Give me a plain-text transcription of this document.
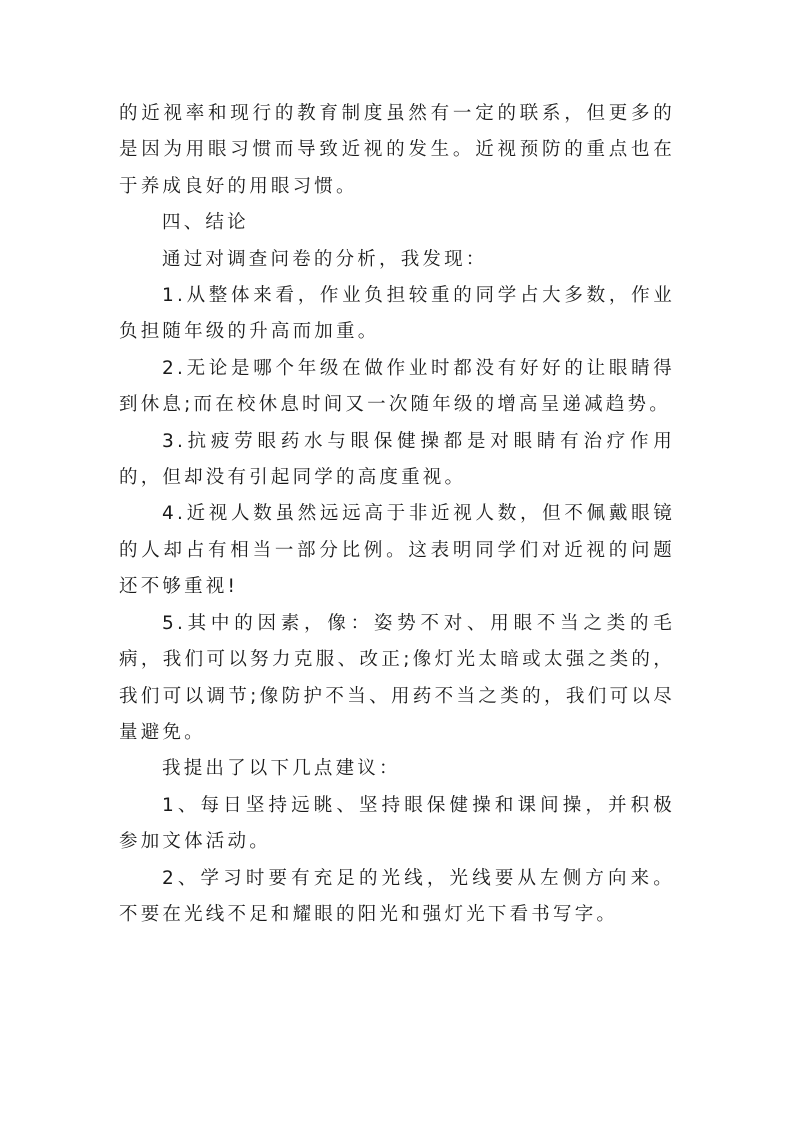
的近视率和现行的教育制度虽然有一定的联系，但更多的是因为用眼习惯而导致近视的发生。近视预防的重点也在于养成良好的用眼习惯。

四、结论

通过对调查问卷的分析，我发现：

1.从整体来看，作业负担较重的同学占大多数，作业负担随年级的升高而加重。

2.无论是哪个年级在做作业时都没有好好的让眼睛得到休息;而在校休息时间又一次随年级的增高呈递减趋势。

3.抗疲劳眼药水与眼保健操都是对眼睛有治疗作用的，但却没有引起同学的高度重视。

4.近视人数虽然远远高于非近视人数，但不佩戴眼镜的人却占有相当一部分比例。这表明同学们对近视的问题还不够重视!

5.其中的因素，像：姿势不对、用眼不当之类的毛病，我们可以努力克服、改正;像灯光太暗或太强之类的，我们可以调节;像防护不当、用药不当之类的，我们可以尽量避免。

我提出了以下几点建议：

1、每日坚持远眺、坚持眼保健操和课间操，并积极参加文体活动。

2、学习时要有充足的光线，光线要从左侧方向来。不要在光线不足和耀眼的阳光和强灯光下看书写字。
